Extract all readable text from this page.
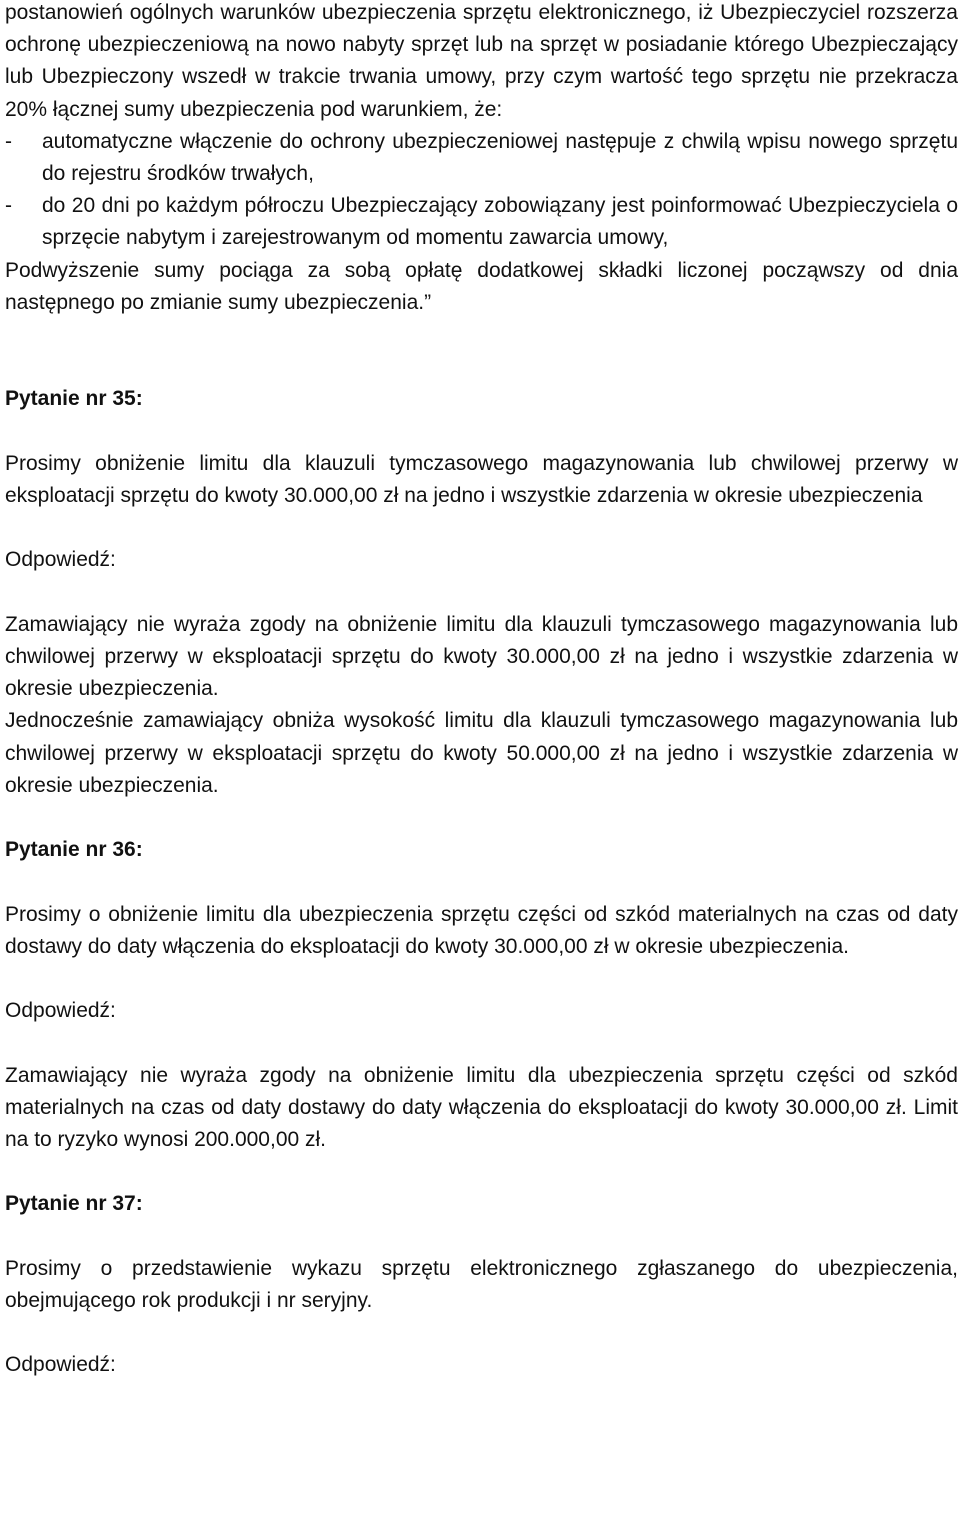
postanowień ogólnych warunków ubezpieczenia sprzętu elektronicznego, iż Ubezpieczyciel rozszerza ochronę ubezpieczeniową na nowo nabyty sprzęt lub na sprzęt w posiadanie którego Ubezpieczający lub Ubezpieczony wszedł w trakcie trwania umowy, przy czym wartość tego sprzętu nie przekracza 20% łącznej sumy ubezpieczenia pod warunkiem, że:

-	automatyczne włączenie do ochrony ubezpieczeniowej następuje z chwilą wpisu nowego sprzętu do rejestru środków trwałych,
-	do 20 dni po każdym półroczu Ubezpieczający zobowiązany jest poinformować Ubezpieczyciela o sprzęcie nabytym i zarejestrowanym od momentu zawarcia umowy,

Podwyższenie sumy pociąga za sobą opłatę dodatkowej składki liczonej począwszy od dnia następnego po zmianie sumy ubezpieczenia.”

Pytanie nr 35:

Prosimy obniżenie limitu dla klauzuli tymczasowego magazynowania lub chwilowej przerwy w eksploatacji sprzętu do kwoty 30.000,00 zł na jedno i wszystkie zdarzenia w okresie ubezpieczenia

Odpowiedź:

Zamawiający nie wyraża zgody na obniżenie limitu dla klauzuli tymczasowego magazynowania lub chwilowej przerwy w eksploatacji sprzętu do kwoty 30.000,00 zł na jedno i wszystkie zdarzenia w okresie ubezpieczenia.

Jednocześnie zamawiający obniża wysokość limitu dla klauzuli tymczasowego magazynowania lub chwilowej przerwy w eksploatacji sprzętu do kwoty 50.000,00 zł na jedno i wszystkie zdarzenia w okresie ubezpieczenia.

Pytanie nr 36:

Prosimy o obniżenie limitu dla ubezpieczenia sprzętu części od szkód materialnych na czas od daty dostawy do daty włączenia do eksploatacji do kwoty 30.000,00 zł w okresie ubezpieczenia.

Odpowiedź:

Zamawiający nie wyraża zgody na obniżenie limitu dla ubezpieczenia sprzętu części od szkód materialnych na czas od daty dostawy do daty włączenia do eksploatacji do kwoty 30.000,00 zł. Limit na to ryzyko wynosi 200.000,00 zł.

Pytanie nr 37:

Prosimy o przedstawienie wykazu sprzętu elektronicznego zgłaszanego do ubezpieczenia, obejmującego rok produkcji i nr seryjny.

Odpowiedź:
